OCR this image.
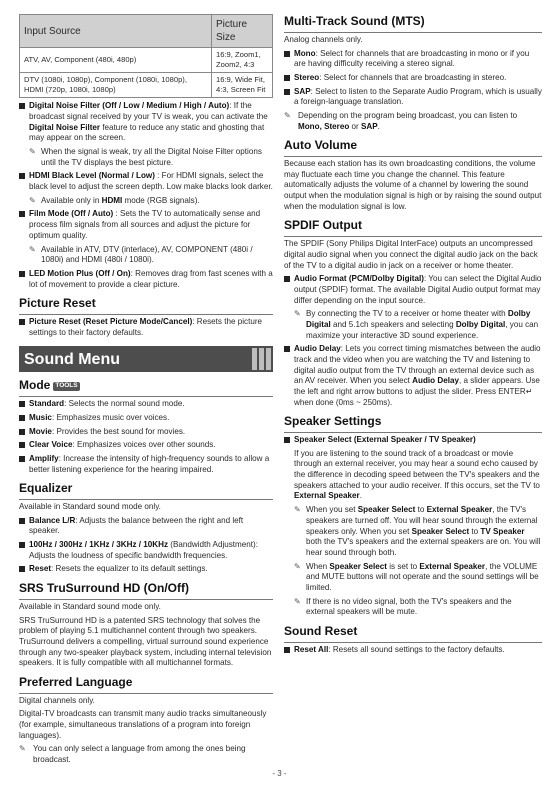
Input Source	Picture Size
ATV, AV, Component (480i, 480p)	16:9, Zoom1,
Zoom2, 4:3
DTV (1080i, 1080p), Component (1080i, 1080p), HDMI (720p, 1080i, 1080p)	16:9, Wide Fit,
4:3, Screen Fit
Digital Noise Filter (Off / Low / Medium / High / Auto): If the broadcast signal received by your TV is weak, you can activate the Digital Noise Filter feature to reduce any static and ghosting that may appear on the screen.
✎ When the signal is weak, try all the Digital Noise Filter options until the TV displays the best picture.
HDMI Black Level (Normal / Low) : For HDMI signals, select the black level to adjust the screen depth. Low make blacks look darker.
✎ Available only in HDMI mode (RGB signals).
Film Mode (Off / Auto) : Sets the TV to automatically sense and process film signals from all sources and adjust the picture for optimum quality.
✎ Available in ATV, DTV (interlace), AV, COMPONENT (480i / 1080i) and HDMI (480i / 1080i).
LED Motion Plus (Off / On): Removes drag from fast scenes with a lot of movement to provide a clear picture.
Picture Reset
Picture Reset (Reset Picture Mode/Cancel): Resets the picture settings to their factory defaults.
Sound Menu
Mode TOOLS
Standard: Selects the normal sound mode.
Music: Emphasizes music over voices.
Movie: Provides the best sound for movies.
Clear Voice: Emphasizes voices over other sounds.
Amplify: Increase the intensity of high-frequency sounds to allow a better listening experience for the hearing impaired.
Equalizer

Available in Standard sound mode only.

Balance L/R: Adjusts the balance between the right and left speaker.
100Hz / 300Hz / 1KHz / 3KHz / 10KHz (Bandwidth Adjustment): Adjusts the loudness of specific bandwidth frequencies.
Reset: Resets the equalizer to its default settings.
SRS TruSurround HD (On/Off)

Available in Standard sound mode only.

SRS TruSurround HD is a patented SRS technology that solves the problem of playing 5.1 multichannel content through two speakers. TruSurround delivers a compelling, virtual surround sound experience through any two-speaker playback system, including internal television speakers. It is fully compatible with all multichannel formats.

Preferred Language

Digital channels only.

Digital-TV broadcasts can transmit many audio tracks simultaneously (for example, simultaneous translations of a program into foreign languages).

✎ You can only select a language from among the ones being broadcast.
Multi-Track Sound (MTS)

Analog channels only.

Mono: Select for channels that are broadcasting in mono or if you are having difficulty receiving a stereo signal.
Stereo: Select for channels that are broadcasting in stereo.
SAP: Select to listen to the Separate Audio Program, which is usually a foreign-language translation.
✎ Depending on the program being broadcast, you can listen to Mono, Stereo or SAP.
Auto Volume

Because each station has its own broadcasting conditions, the volume may fluctuate each time you change the channel. This feature automatically adjusts the volume of a channel by lowering the sound output when the modulation signal is high or by raising the sound output when the modulation signal is low.

SPDIF Output

The SPDIF (Sony Philips Digital InterFace) outputs an uncompressed digital audio signal when you connect the digital audio jack on the back of the TV to a digital audio in jack on a receiver or home theater.

Audio Format (PCM/Dolby Digital): You can select the Digital Audio output (SPDIF) format. The available Digital Audio output format may differ depending on the input source.
✎ By connecting the TV to a receiver or home theater with Dolby Digital and 5.1ch speakers and selecting Dolby Digital, you can maximize your interactive 3D sound experience.
Audio Delay: Lets you correct timing mismatches between the audio track and the video when you are watching the TV and listening to digital audio output from the TV through an external device such as an AV receiver. When you select Audio Delay, a slider appears. Use the left and right arrow buttons to adjust the slider. Press ENTER↵ when done (0ms ~ 250ms).
Speaker Settings
Speaker Select (External Speaker / TV Speaker)

If you are listening to the sound track of a broadcast or movie through an external receiver, you may hear a sound echo caused by the difference in decoding speed between the TV's speakers and the speakers attached to your audio receiver. If this occurs, set the TV to External Speaker.

✎ When you set Speaker Select to External Speaker, the TV's speakers are turned off. You will hear sound through the external speakers only. When you set Speaker Select to TV Speaker both the TV's speakers and the external speakers are on. You will hear sound through both.
✎ When Speaker Select is set to External Speaker, the VOLUME and MUTE buttons will not operate and the sound settings will be limited.
✎ If there is no video signal, both the TV's speakers and the external speakers will be mute.
Sound Reset
Reset All: Resets all sound settings to the factory defaults.
- 3 -
